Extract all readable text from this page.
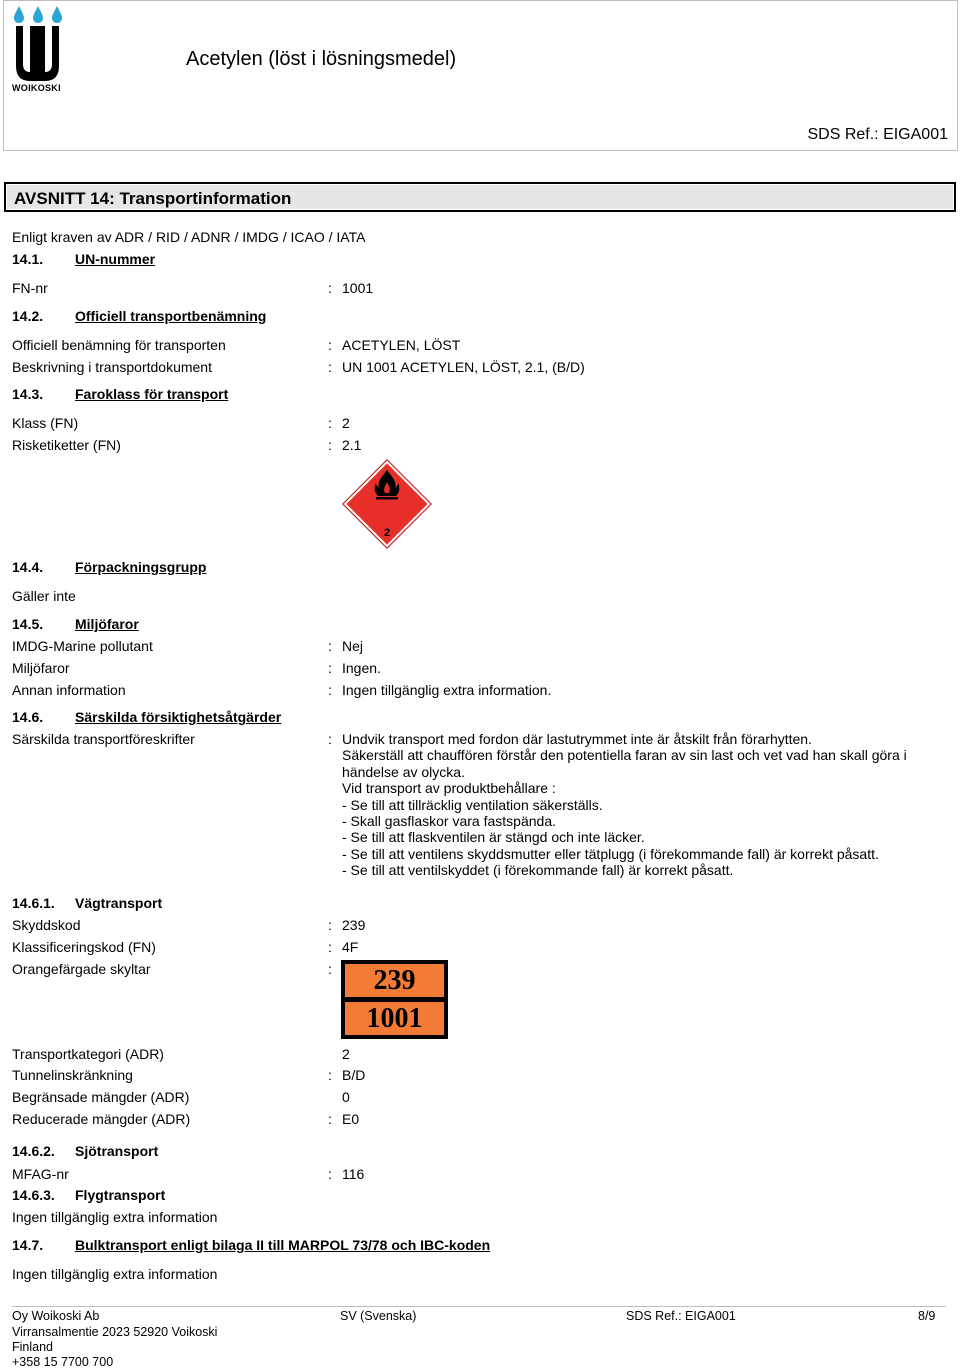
WOIKOSKI
Acetylen (löst i lösningsmedel)
SDS Ref.: EIGA001
AVSNITT 14: Transportinformation
Enligt kraven av ADR / RID / ADNR / IMDG / ICAO / IATA
14.1. UN-nummer
FN-nr	: 1001
14.2. Officiell transportbenämning
Officiell benämning för transporten	: ACETYLEN, LÖST
Beskrivning i transportdokument	: UN 1001 ACETYLEN, LÖST, 2.1, (B/D)
14.3. Faroklass för transport
Klass (FN)	: 2
Risketiketter (FN)	: 2.1
2
14.4. Förpackningsgrupp
Gäller inte
14.5. Miljöfaror
IMDG-Marine pollutant	: Nej
Miljöfaror	: Ingen.
Annan information	: Ingen tillgänglig extra information.
14.6. Särskilda försiktighetsåtgärder
Särskilda transportföreskrifter	: Undvik transport med fordon där lastutrymmet inte är åtskilt från förarhytten.
Säkerställ att chauffören förstår den potentiella faran av sin last och vet vad han skall göra i
händelse av olycka.
Vid transport av produktbehållare :
- Se till att tillräcklig ventilation säkerställs.
- Skall gasflaskor vara fastspända.
- Se till att flaskventilen är stängd och inte läcker.
- Se till att ventilens skyddsmutter eller tätplugg (i förekommande fall) är korrekt påsatt.
- Se till att ventilskyddet (i förekommande fall) är korrekt påsatt.
14.6.1. Vägtransport
Skyddskod	: 239
Klassificeringskod (FN)	: 4F
Orangefärgade skyltar	:	239
1001
Transportkategori (ADR)	2
Tunnelinskränkning	: B/D
Begränsade mängder (ADR)	0
Reducerade mängder (ADR)	: E0
14.6.2. Sjötransport
MFAG-nr	: 116
14.6.3. Flygtransport
Ingen tillgänglig extra information
14.7. Bulktransport enligt bilaga II till MARPOL 73/78 och IBC-koden
Ingen tillgänglig extra information
Oy Woikoski Ab
Virransalmentie 2023 52920 Voikoski
Finland
+358 15 7700 700
SV (Svenska)	SDS Ref.: EIGA001	8/9
